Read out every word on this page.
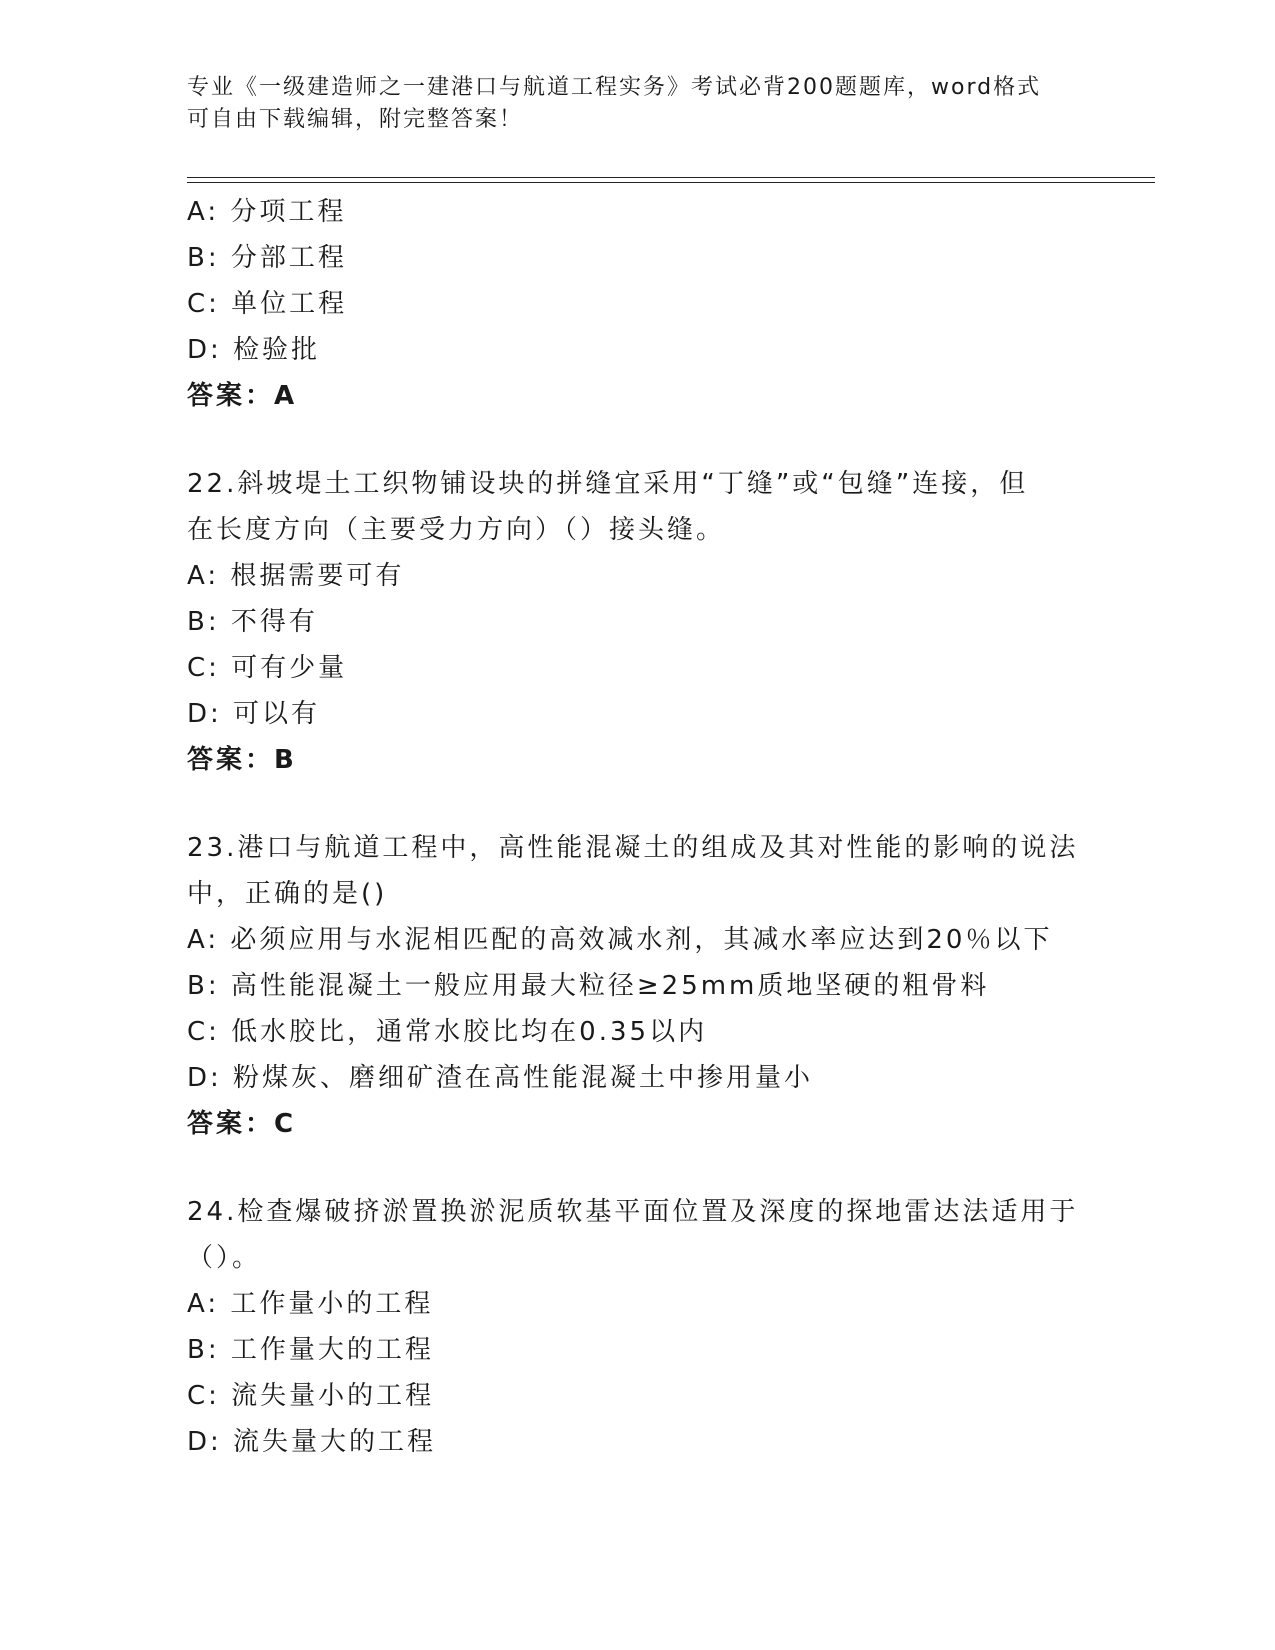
专业《一级建造师之一建港口与航道工程实务》考试必背200题题库，word格式
可自由下载编辑，附完整答案！
A: 分项工程
B: 分部工程
C: 单位工程
D: 检验批
答案：A
22.斜坡堤土工织物铺设块的拼缝宜采用“丁缝”或“包缝”连接，但
在长度方向（主要受力方向）（）接头缝。
A: 根据需要可有
B: 不得有
C: 可有少量
D: 可以有
答案：B
23.港口与航道工程中，高性能混凝土的组成及其对性能的影响的说法
中，正确的是()
A: 必须应用与水泥相匹配的高效减水剂，其减水率应达到20％以下
B: 高性能混凝土一般应用最大粒径≥25mm质地坚硬的粗骨料
C: 低水胶比，通常水胶比均在0.35以内
D: 粉煤灰、磨细矿渣在高性能混凝土中掺用量小
答案：C
24.检查爆破挤淤置换淤泥质软基平面位置及深度的探地雷达法适用于
（）。
A: 工作量小的工程
B: 工作量大的工程
C: 流失量小的工程
D: 流失量大的工程
